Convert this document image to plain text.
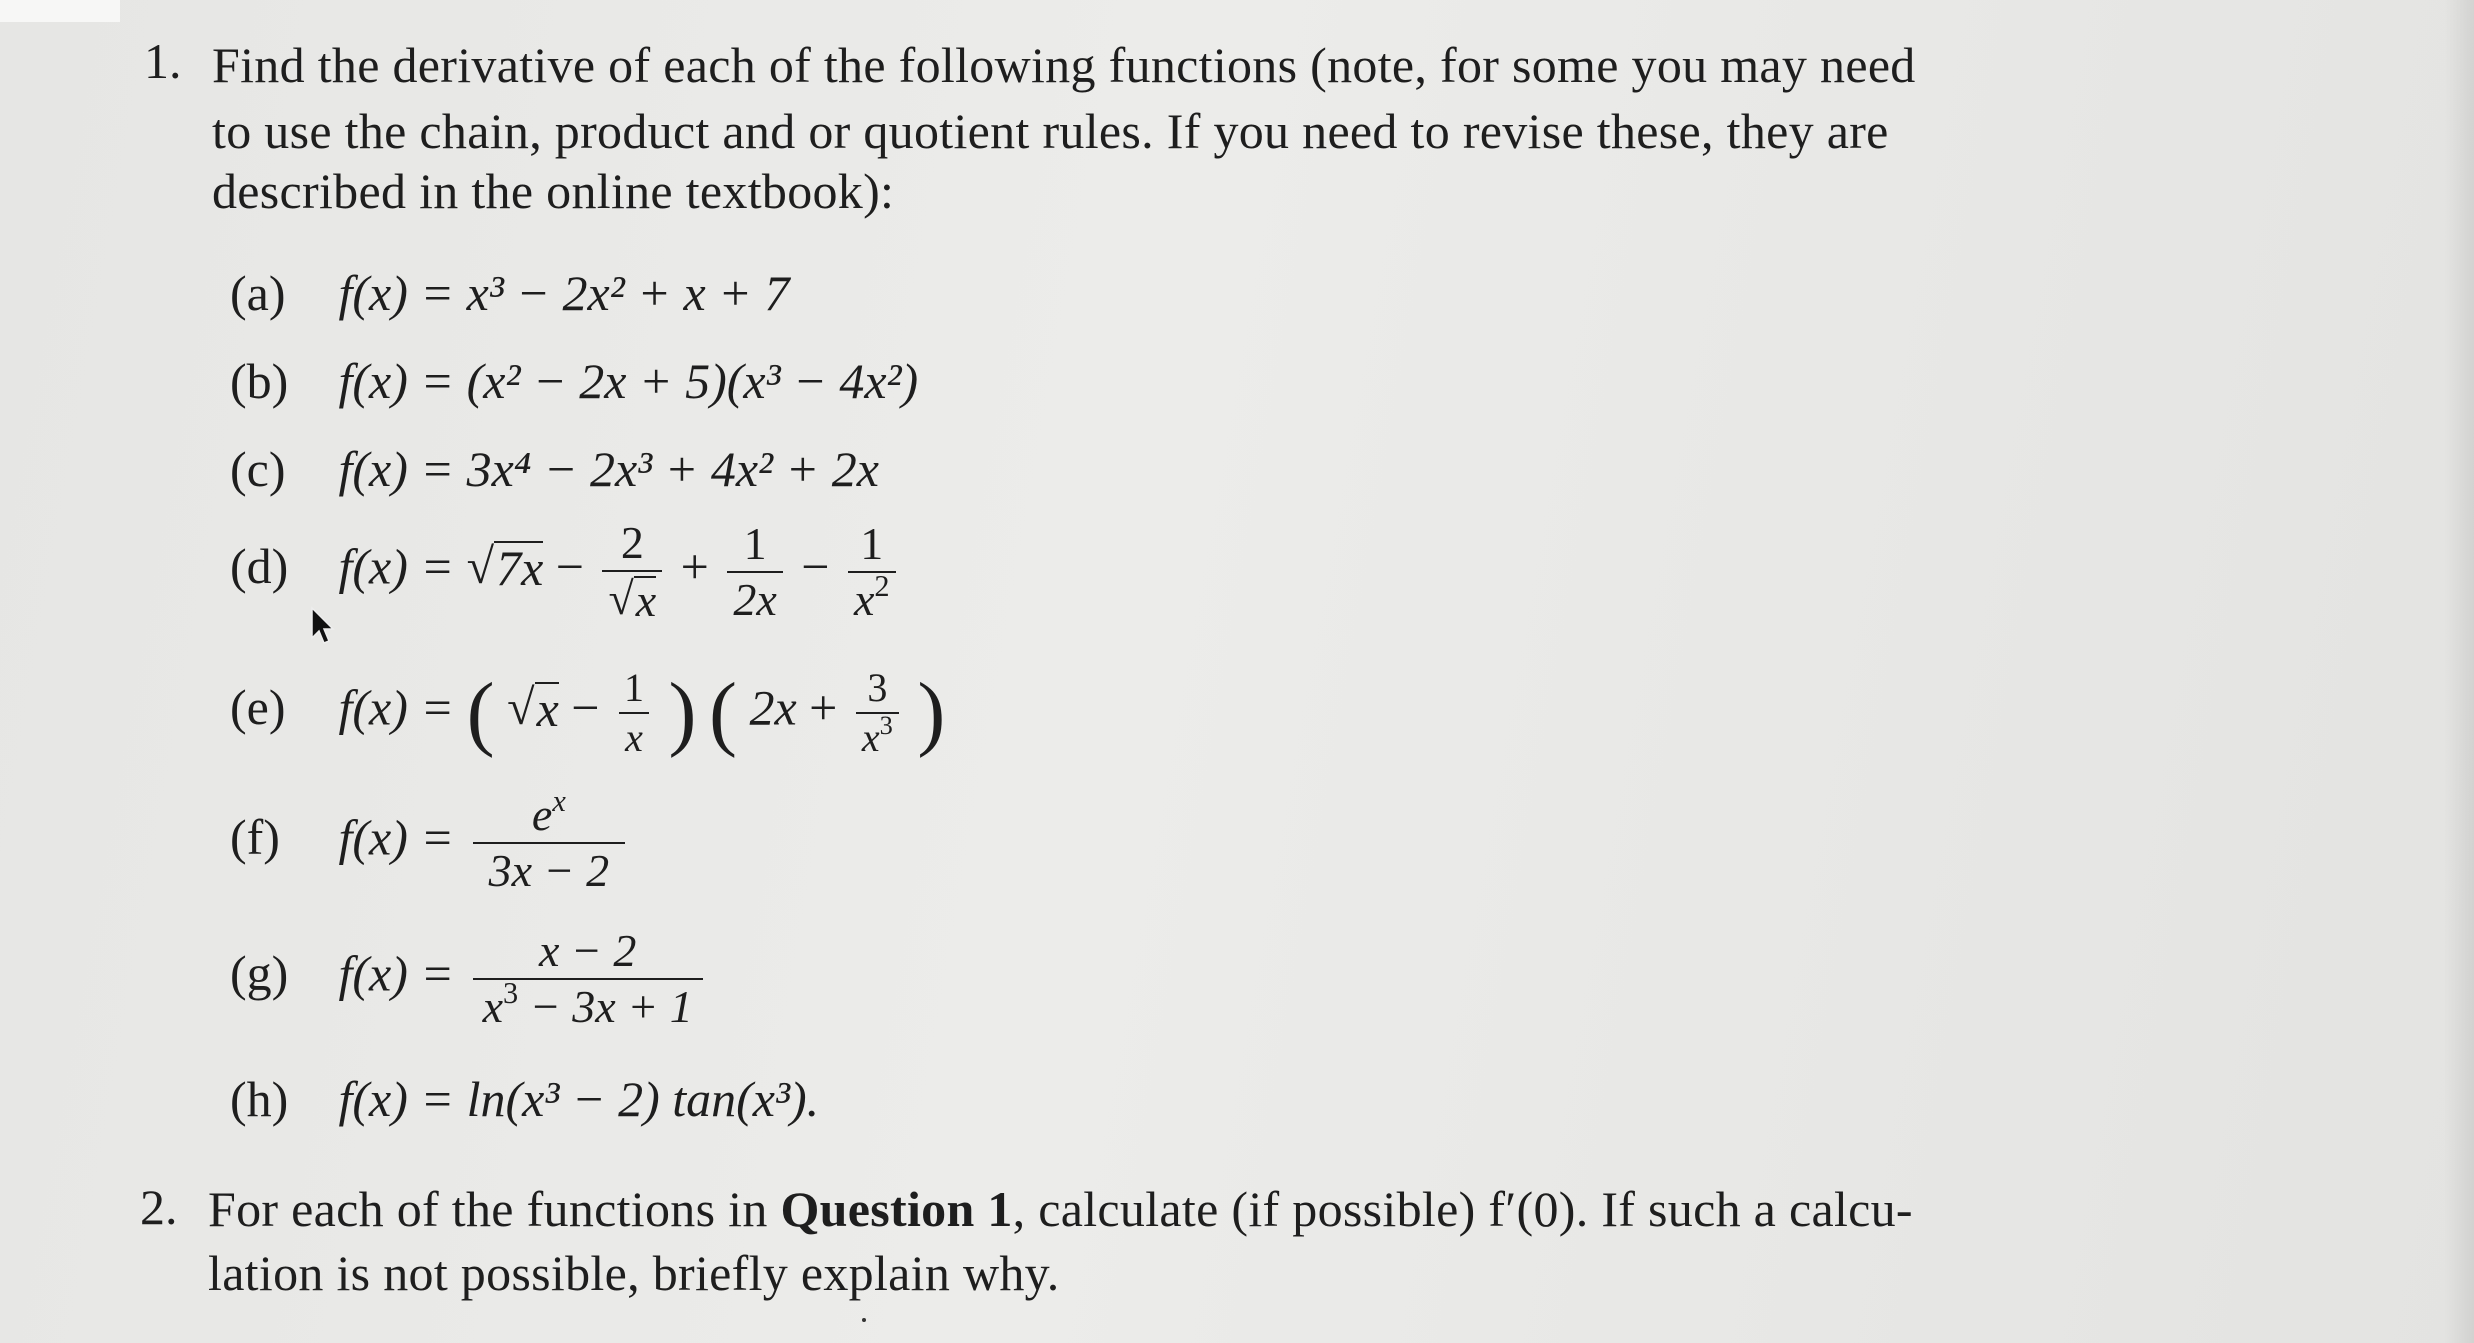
1. Find the derivative of each of the following functions (note, for some you may need
to use the chain, product and or quotient rules. If you need to revise these, they are
described in the online textbook):
(a) f(x) = x³ − 2x² + x + 7
(b) f(x) = (x² − 2x + 5)(x³ − 4x²)
(c) f(x) = 3x⁴ − 2x³ + 4x² + 2x
(d) f(x) = √ $7x - \frac{2}{√ x} + \frac{1}{2x} - \frac{1}{x^2}$
(e) f(x) = ( √ $x - \frac{1}{x}$ ) ( $2x + \frac{3}{x^3}$ )
(f) $f(x) = \frac{e^x}{3x - 2}$
(g) $f(x) = \frac{x - 2}{x^3 - 3x + 1}$
(h) f(x) = ln(x³ − 2) tan(x³).
2. For each of the functions in Question 1, calculate (if possible) f′(0). If such a calcu-
lation is not possible, briefly explain why.
